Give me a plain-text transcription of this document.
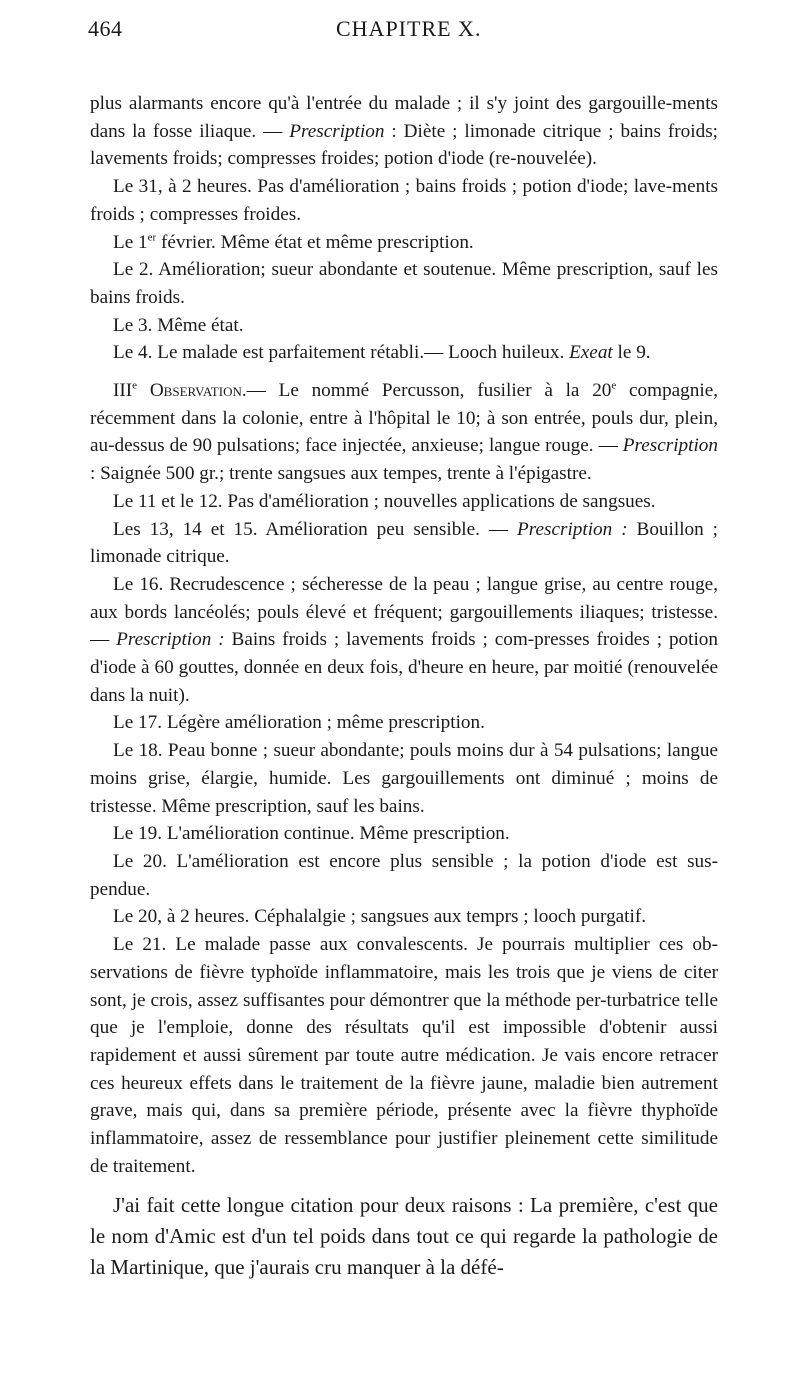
464	CHAPITRE X.

plus alarmants encore qu'à l'entrée du malade ; il s'y joint des gargouille-ments dans la fosse iliaque. — Prescription : Diète ; limonade citrique ; bains froids; lavements froids; compresses froides; potion d'iode (re-nouvelée).

Le 31, à 2 heures. Pas d'amélioration ; bains froids ; potion d'iode; lave-ments froids ; compresses froides.

Le 1er février. Même état et même prescription.

Le 2. Amélioration; sueur abondante et soutenue. Même prescription, sauf les bains froids.

Le 3. Même état.

Le 4. Le malade est parfaitement rétabli.— Looch huileux. Exeat le 9.

IIIe Observation.— Le nommé Percusson, fusilier à la 20e compagnie, récemment dans la colonie, entre à l'hôpital le 10; à son entrée, pouls dur, plein, au-dessus de 90 pulsations; face injectée, anxieuse; langue rouge. — Prescription : Saignée 500 gr.; trente sangsues aux tempes, trente à l'épigastre.

Le 11 et le 12. Pas d'amélioration ; nouvelles applications de sangsues.

Les 13, 14 et 15. Amélioration peu sensible. — Prescription : Bouillon ; limonade citrique.

Le 16. Recrudescence ; sécheresse de la peau ; langue grise, au centre rouge, aux bords lancéolés; pouls élevé et fréquent; gargouillements iliaques; tristesse.— Prescription : Bains froids ; lavements froids ; com-presses froides ; potion d'iode à 60 gouttes, donnée en deux fois, d'heure en heure, par moitié (renouvelée dans la nuit).

Le 17. Légère amélioration ; même prescription.

Le 18. Peau bonne ; sueur abondante; pouls moins dur à 54 pulsations; langue moins grise, élargie, humide. Les gargouillements ont diminué ; moins de tristesse. Même prescription, sauf les bains.

Le 19. L'amélioration continue. Même prescription.

Le 20. L'amélioration est encore plus sensible ; la potion d'iode est sus-pendue.

Le 20, à 2 heures. Céphalalgie ; sangsues aux temprs ; looch purgatif.

Le 21. Le malade passe aux convalescents. Je pourrais multiplier ces ob-servations de fièvre typhoïde inflammatoire, mais les trois que je viens de citer sont, je crois, assez suffisantes pour démontrer que la méthode per-turbatrice telle que je l'emploie, donne des résultats qu'il est impossible d'obtenir aussi rapidement et aussi sûrement par toute autre médication. Je vais encore retracer ces heureux effets dans le traitement de la fièvre jaune, maladie bien autrement grave, mais qui, dans sa première période, présente avec la fièvre thyphoïde inflammatoire, assez de ressemblance pour justifier pleinement cette similitude de traitement.

J'ai fait cette longue citation pour deux raisons : La première, c'est que le nom d'Amic est d'un tel poids dans tout ce qui regarde la pathologie de la Martinique, que j'aurais cru manquer à la défé-
